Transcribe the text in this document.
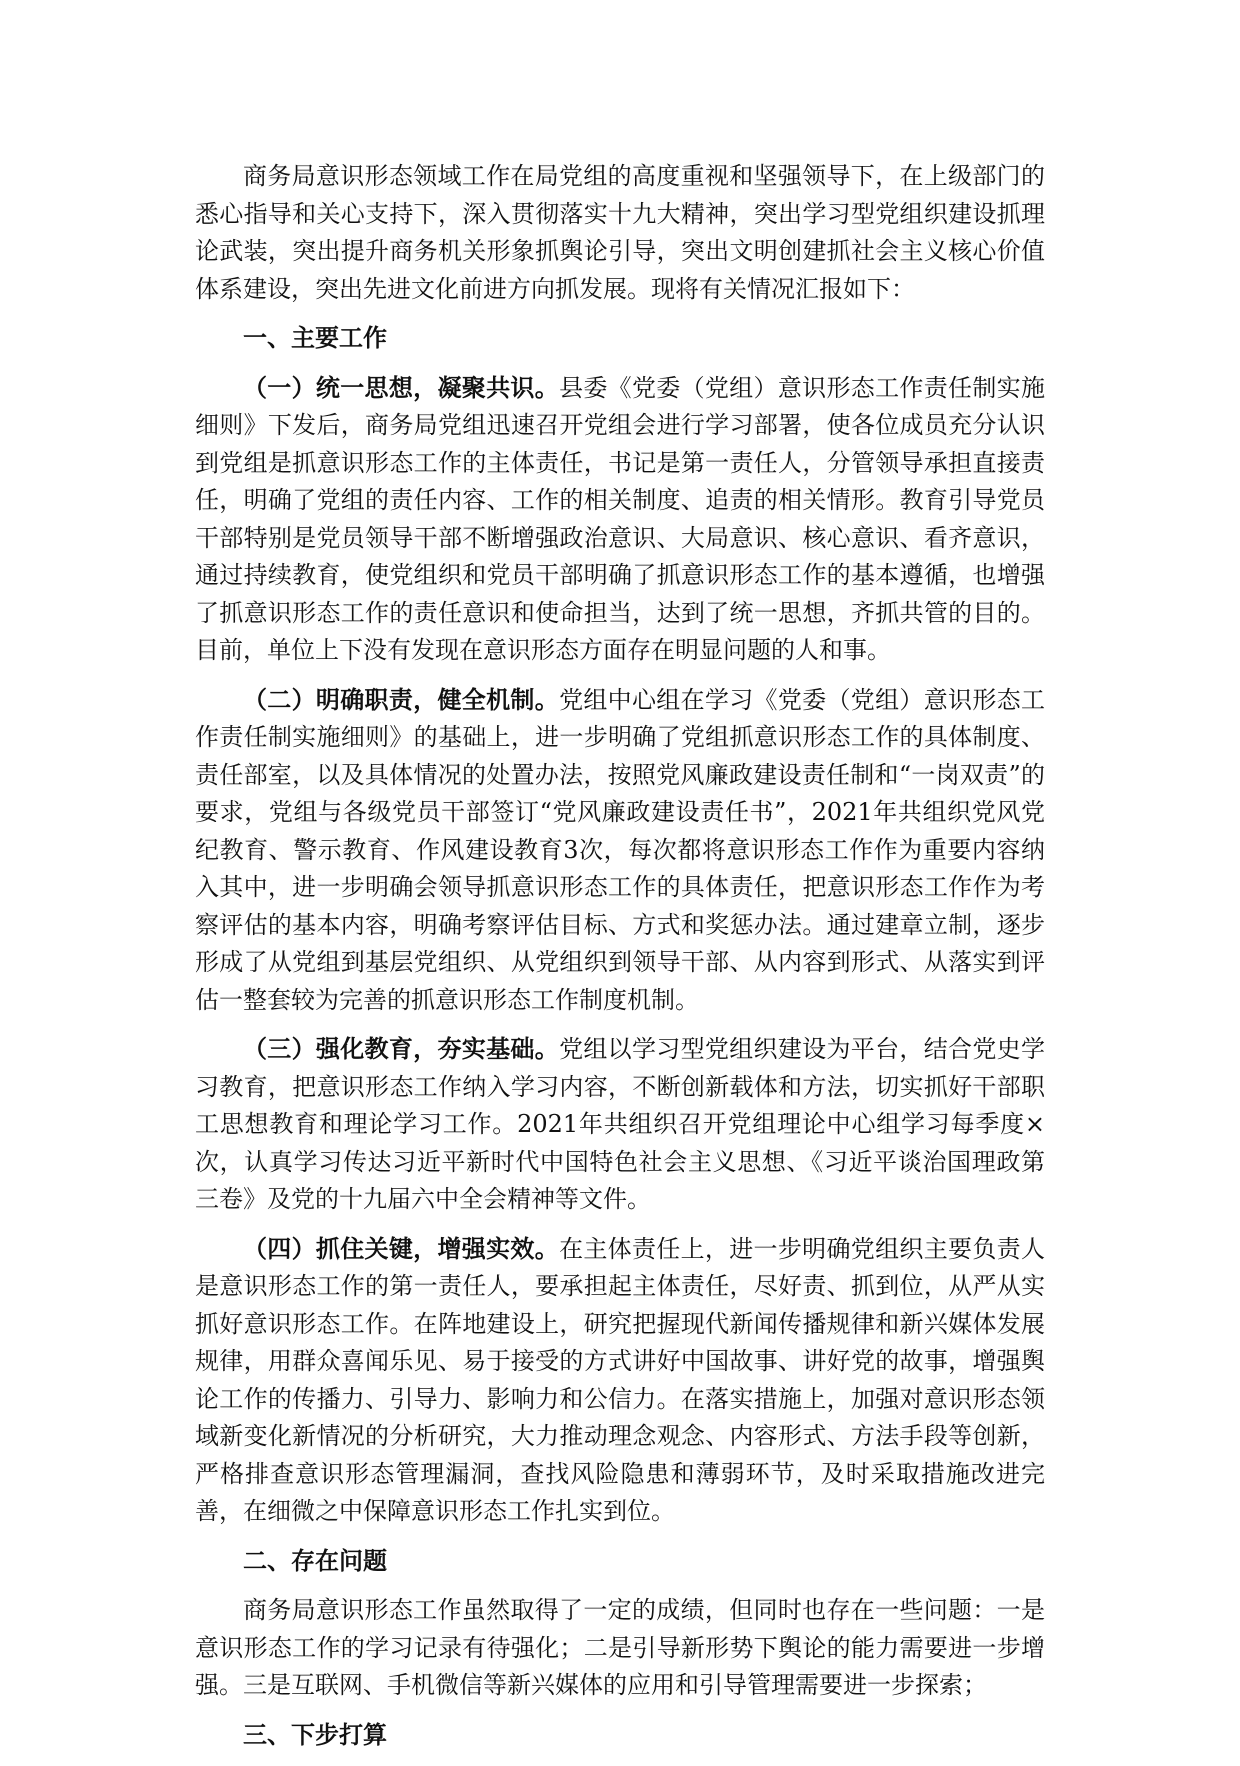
商务局意识形态领域工作在局党组的高度重视和坚强领导下，在上级部门的悉心指导和关心支持下，深入贯彻落实十九大精神，突出学习型党组织建设抓理论武装，突出提升商务机关形象抓舆论引导，突出文明创建抓社会主义核心价值体系建设，突出先进文化前进方向抓发展。现将有关情况汇报如下：

一、主要工作

（一）统一思想，凝聚共识。县委《党委（党组）意识形态工作责任制实施细则》下发后，商务局党组迅速召开党组会进行学习部署，使各位成员充分认识到党组是抓意识形态工作的主体责任，书记是第一责任人，分管领导承担直接责任，明确了党组的责任内容、工作的相关制度、追责的相关情形。教育引导党员干部特别是党员领导干部不断增强政治意识、大局意识、核心意识、看齐意识，通过持续教育，使党组织和党员干部明确了抓意识形态工作的基本遵循，也增强了抓意识形态工作的责任意识和使命担当，达到了统一思想，齐抓共管的目的。目前，单位上下没有发现在意识形态方面存在明显问题的人和事。

（二）明确职责，健全机制。党组中心组在学习《党委（党组）意识形态工作责任制实施细则》的基础上，进一步明确了党组抓意识形态工作的具体制度、责任部室，以及具体情况的处置办法，按照党风廉政建设责任制和“一岗双责”的要求，党组与各级党员干部签订“党风廉政建设责任书”，2021年共组织党风党纪教育、警示教育、作风建设教育3次，每次都将意识形态工作作为重要内容纳入其中，进一步明确会领导抓意识形态工作的具体责任，把意识形态工作作为考察评估的基本内容，明确考察评估目标、方式和奖惩办法。通过建章立制，逐步形成了从党组到基层党组织、从党组织到领导干部、从内容到形式、从落实到评估一整套较为完善的抓意识形态工作制度机制。

（三）强化教育，夯实基础。党组以学习型党组织建设为平台，结合党史学习教育，把意识形态工作纳入学习内容，不断创新载体和方法，切实抓好干部职工思想教育和理论学习工作。2021年共组织召开党组理论中心组学习每季度×次，认真学习传达习近平新时代中国特色社会主义思想、《习近平谈治国理政第三卷》及党的十九届六中全会精神等文件。

（四）抓住关键，增强实效。在主体责任上，进一步明确党组织主要负责人是意识形态工作的第一责任人，要承担起主体责任，尽好责、抓到位，从严从实抓好意识形态工作。在阵地建设上，研究把握现代新闻传播规律和新兴媒体发展规律，用群众喜闻乐见、易于接受的方式讲好中国故事、讲好党的故事，增强舆论工作的传播力、引导力、影响力和公信力。在落实措施上，加强对意识形态领域新变化新情况的分析研究，大力推动理念观念、内容形式、方法手段等创新，严格排查意识形态管理漏洞，查找风险隐患和薄弱环节，及时采取措施改进完善，在细微之中保障意识形态工作扎实到位。

二、存在问题

商务局意识形态工作虽然取得了一定的成绩，但同时也存在一些问题：一是意识形态工作的学习记录有待强化；二是引导新形势下舆论的能力需要进一步增强。三是互联网、手机微信等新兴媒体的应用和引导管理需要进一步探索；

三、下步打算
